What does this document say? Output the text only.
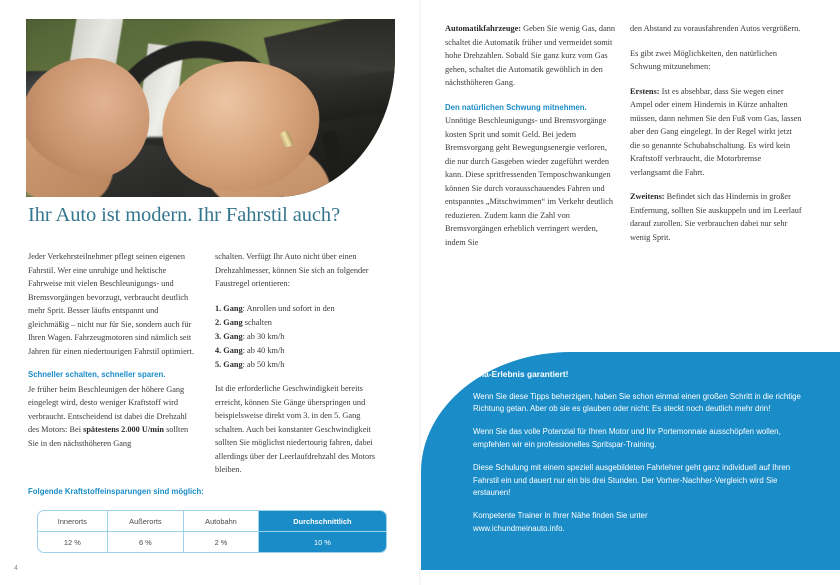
Ihr Auto ist modern. Ihr Fahrstil auch?

Jeder Verkehrsteilnehmer pflegt seinen eigenen Fahrstil. Wer eine unruhige und hektische Fahrweise mit vielen Beschleunigungs- und Bremsvorgängen bevorzugt, verbraucht deutlich mehr Sprit. Besser läufts entspannt und gleichmäßig – nicht nur für Sie, sondern auch für Ihren Wagen. Fahrzeugmotoren sind nämlich seit Jahren für einen niedertourigen Fahrstil optimiert.

Schneller schalten, schneller sparen.
Je früher beim Beschleunigen der höhere Gang eingelegt wird, desto weniger Kraftstoff wird verbraucht. Entscheidend ist dabei die Drehzahl des Motors: Bei spätestens 2.000 U/min sollten Sie in den nächsthöheren Gang

schalten. Verfügt Ihr Auto nicht über einen Drehzahlmesser, können Sie sich an folgender Faustregel orientieren:

1. Gang: Anrollen und sofort in den
2. Gang schalten
3. Gang: ab 30 km/h
4. Gang: ab 40 km/h
5. Gang: ab 50 km/h

Ist die erforderliche Geschwindigkeit bereits erreicht, können Sie Gänge überspringen und beispielsweise direkt vom 3. in den 5. Gang schalten. Auch bei konstanter Geschwindigkeit sollten Sie möglichst niedertourig fahren, dabei allerdings über der Leerlaufdrehzahl des Motors bleiben.

Folgende Kraftstoffeinsparungen sind möglich:
Innerorts	Außerorts	Autobahn	Durchschnittlich
12 %	6 %	2 %	10 %
4

Automatikfahrzeuge: Geben Sie wenig Gas, dann schaltet die Automatik früher und vermeidet somit hohe Drehzahlen. Sobald Sie ganz kurz vom Gas gehen, schaltet die Automatik gewöhlich in den nächsthöheren Gang.

Den natürlichen Schwung mitnehmen. Unnötige Beschleunigungs- und Bremsvorgänge kosten Sprit und somit Geld. Bei jedem Bremsvorgang geht Bewegungsenergie verloren, die nur durch Gasgeben wieder zugeführt werden kann. Diese spritfressenden Temposchwankungen können Sie durch vorausschauendes Fahren und entspanntes „Mitschwimmen“ im Verkehr deutlich reduzieren. Zudem kann die Zahl von Bremsvorgängen erheblich verringert werden, indem Sie

den Abstand zu vorausfahrenden Autos vergrößern.

Es gibt zwei Möglichkeiten, den natürlichen Schwung mitzunehmen:

Erstens: Ist es absehbar, dass Sie wegen einer Ampel oder einem Hindernis in Kürze anhalten müssen, dann nehmen Sie den Fuß vom Gas, lassen aber den Gang eingelegt. In der Regel wirkt jetzt die so genannte Schubabschaltung. Es wird kein Kraftstoff verbraucht, die Motorbremse verlangsamt die Fahrt.

Zweitens: Befindet sich das Hindernis in großer Entfernung, sollten Sie auskuppeln und im Leerlauf darauf zurollen. Sie verbrauchen dabei nur sehr wenig Sprit.

Aha-Erlebnis garantiert!

Wenn Sie diese Tipps beherzigen, haben Sie schon einmal einen großen Schritt in die richtige Richtung getan. Aber ob sie es glauben oder nicht: Es steckt noch deutlich mehr drin!

Wenn Sie das volle Potenzial für Ihren Motor und Ihr Portemonnaie ausschöpfen wollen, empfehlen wir ein professionelles Spritspar-Training.

Diese Schulung mit einem speziell ausgebildeten Fahrlehrer geht ganz individuell auf Ihren Fahrstil ein und dauert nur ein bis drei Stunden. Der Vorher-Nachher-Vergleich wird Sie erstaunen!

Kompetente Trainer in Ihrer Nähe finden Sie unter
www.ichundmeinauto.info.
